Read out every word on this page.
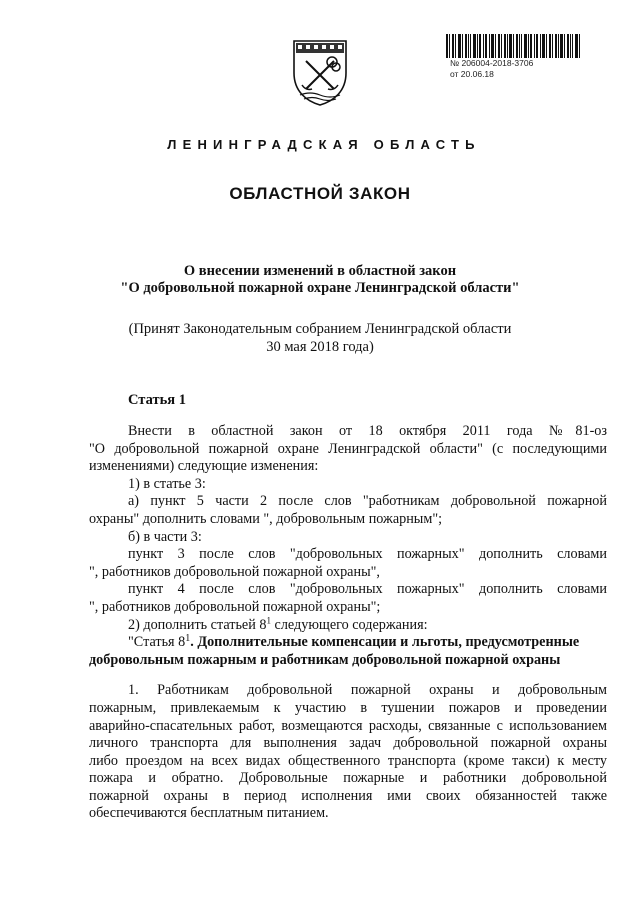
№ 206004-2018-3706
от 20.06.18
ЛЕНИНГРАДСКАЯ ОБЛАСТЬ
ОБЛАСТНОЙ ЗАКОН
О внесении изменений в областной закон
"О добровольной пожарной охране Ленинградской области"
(Принят Законодательным собранием Ленинградской области
30 мая 2018 года)
Статья 1
Внести в областной закон от 18 октября 2011 года №81-оз
"О добровольной пожарной охране Ленинградской области" (с последующими
изменениями) следующие изменения:
1) в статье 3:
а) пункт 5 части 2 после слов "работникам добровольной пожарной
охраны" дополнить словами ", добровольным пожарным";
б) в части 3:
пункт 3 после слов "добровольных пожарных" дополнить словами
", работников добровольной пожарной охраны",
пункт 4 после слов "добровольных пожарных" дополнить словами
", работников добровольной пожарной охраны";
2) дополнить статьей $8^1$ следующего содержания:
"Статья $8^1$. Дополнительные компенсации и льготы, предусмотренные
добровольным пожарным и работникам добровольной пожарной охраны
1. Работникам добровольной пожарной охраны и добровольным
пожарным, привлекаемым к участию в тушении пожаров и проведении
аварийно-спасательных работ, возмещаются расходы, связанные с использованием
личного транспорта для выполнения задач добровольной пожарной охраны
либо проездом на всех видах общественного транспорта (кроме такси) к месту
пожара и обратно. Добровольные пожарные и работники добровольной
пожарной охраны в период исполнения ими своих обязанностей также
обеспечиваются бесплатным питанием.
